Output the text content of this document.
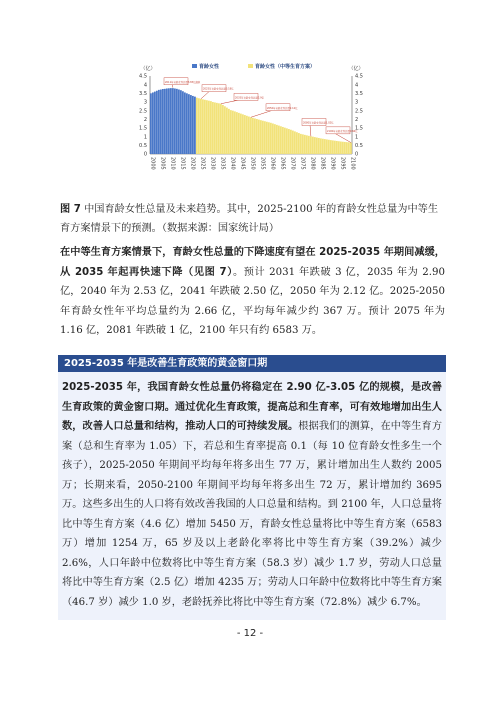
（亿）	（亿）
0	0
0.5	0.5
1	1
1.5	1.5
2	2
2.5	2.5
3	3
3.5	3.5
4	4
4.5	4.5
2000 2005 2010 2015 2020 2025 2030 2035 2040 2045 2050 2055 2060 2065 2070 2075 2080 2085 2090 2095 2100
2011年育龄女性总量3.83亿峰值
2025年育龄女性总量3.18亿
2035年育龄女性总量2.9亿
2050年育龄女性总量2.12亿
2080年育龄女性总量1.02亿
2100年育龄女性总量0.66亿
育龄女性	育龄女性（中等生育方案）
图 7 中国育龄女性总量及未来趋势。其中，2025-2100 年的育龄女性总量为中等生育方案情景下的预测。（数据来源：国家统计局）
在中等生育方案情景下，育龄女性总量的下降速度有望在 2025-2035 年期间减缓，从 2035 年起再快速下降（见图 7）。预计 2031 年跌破 3 亿，2035 年为 2.90 亿，2040 年为 2.53 亿，2041 年跌破 2.50 亿，2050 年为 2.12 亿。2025-2050 年育龄女性年平均总量约为 2.66 亿，平均每年减少约 367 万。预计 2075 年为 1.16 亿，2081 年跌破 1 亿，2100 年只有约 6583 万。
2025-2035 年是改善生育政策的黄金窗口期
2025-2035 年，我国育龄女性总量仍将稳定在 2.90 亿-3.05 亿的规模，是改善生育政策的黄金窗口期。通过优化生育政策，提高总和生育率，可有效地增加出生人数，改善人口总量和结构，推动人口的可持续发展。根据我们的测算，在中等生育方案（总和生育率为 1.05）下，若总和生育率提高 0.1（每 10 位育龄女性多生一个孩子），2025-2050 年期间平均每年将多出生 77 万，累计增加出生人数约 2005 万；长期来看，2050-2100 年期间平均每年将多出生 72 万，累计增加约 3695 万。这些多出生的人口将有效改善我国的人口总量和结构。到 2100 年，人口总量将比中等生育方案（4.6 亿）增加 5450 万，育龄女性总量将比中等生育方案（6583 万）增加 1254 万，65 岁及以上老龄化率将比中等生育方案（39.2%）减少 2.6%，人口年龄中位数将比中等生育方案（58.3 岁）减少 1.7 岁，劳动人口总量将比中等生育方案（2.5 亿）增加 4235 万；劳动人口年龄中位数将比中等生育方案（46.7 岁）减少 1.0 岁，老龄抚养比将比中等生育方案（72.8%）减少 6.7%。
- 12 -
